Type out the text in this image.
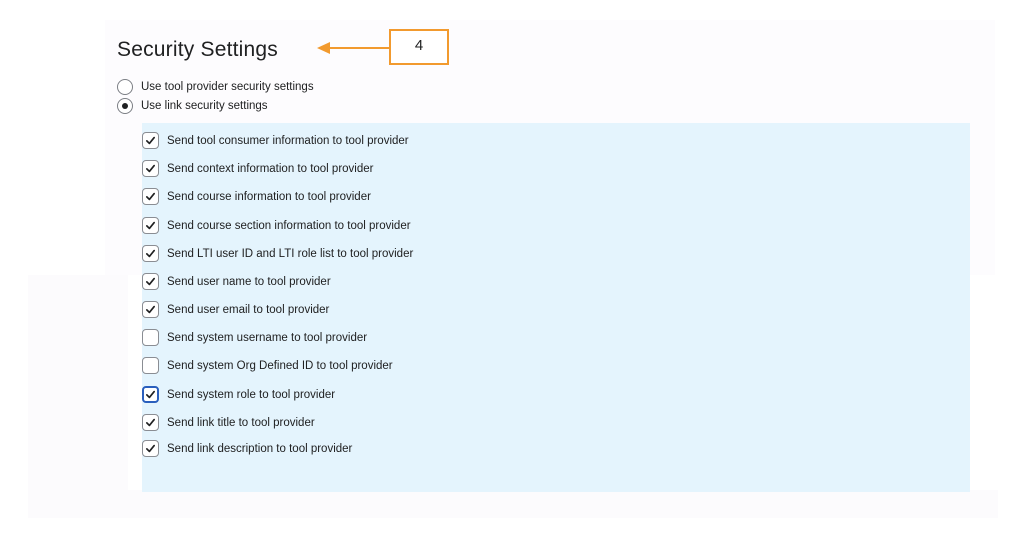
Security Settings	4
Use tool provider security settings
Use link security settings
Send tool consumer information to tool provider
Send context information to tool provider
Send course information to tool provider
Send course section information to tool provider
Send LTI user ID and LTI role list to tool provider
Send user name to tool provider
Send user email to tool provider
Send system username to tool provider
Send system Org Defined ID to tool provider
Send system role to tool provider
Send link title to tool provider
Send link description to tool provider
